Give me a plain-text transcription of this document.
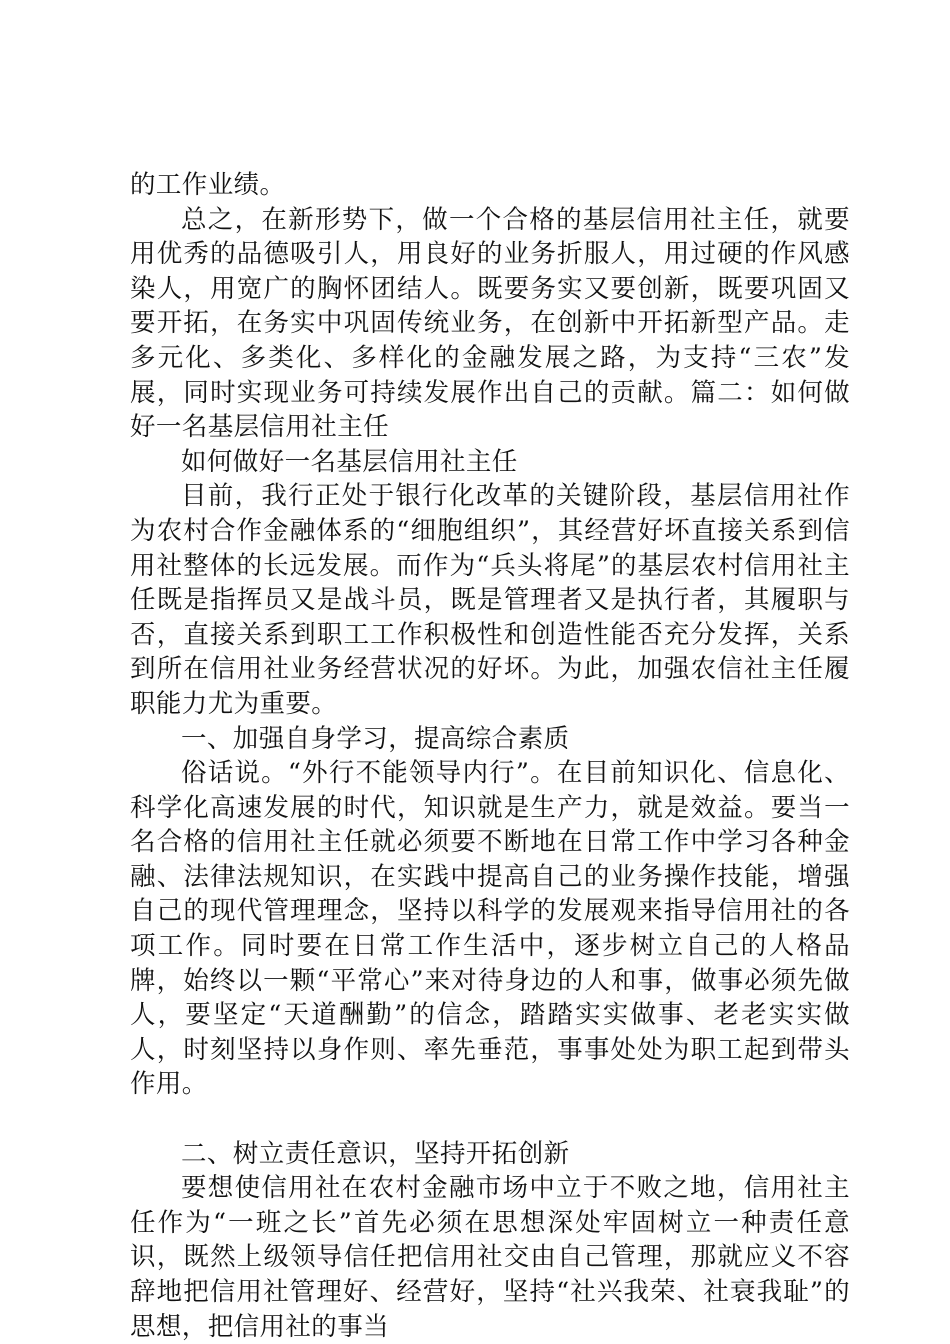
的工作业绩。

总之，在新形势下，做一个合格的基层信用社主任，就要用优秀的品德吸引人，用良好的业务折服人，用过硬的作风感染人，用宽广的胸怀团结人。既要务实又要创新，既要巩固又要开拓，在务实中巩固传统业务，在创新中开拓新型产品。走多元化、多类化、多样化的金融发展之路，为支持“三农”发展，同时实现业务可持续发展作出自己的贡献。篇二：如何做好一名基层信用社主任

如何做好一名基层信用社主任

目前，我行正处于银行化改革的关键阶段，基层信用社作为农村合作金融体系的“细胞组织”，其经营好坏直接关系到信用社整体的长远发展。而作为“兵头将尾”的基层农村信用社主任既是指挥员又是战斗员，既是管理者又是执行者，其履职与否，直接关系到职工工作积极性和创造性能否充分发挥，关系到所在信用社业务经营状况的好坏。为此，加强农信社主任履职能力尤为重要。

一、加强自身学习，提高综合素质

俗话说。“外行不能领导内行”。在目前知识化、信息化、科学化高速发展的时代，知识就是生产力，就是效益。要当一名合格的信用社主任就必须要不断地在日常工作中学习各种金融、法律法规知识，在实践中提高自己的业务操作技能，增强自己的现代管理理念，坚持以科学的发展观来指导信用社的各项工作。同时要在日常工作生活中，逐步树立自己的人格品牌，始终以一颗“平常心”来对待身边的人和事，做事必须先做人，要坚定“天道酬勤”的信念，踏踏实实做事、老老实实做人，时刻坚持以身作则、率先垂范，事事处处为职工起到带头作用。

二、树立责任意识，坚持开拓创新

要想使信用社在农村金融市场中立于不败之地，信用社主任作为“一班之长”首先必须在思想深处牢固树立一种责任意识，既然上级领导信任把信用社交由自己管理，那就应义不容辞地把信用社管理好、经营好，坚持“社兴我荣、社衰我耻”的思想，把信用社的事当
